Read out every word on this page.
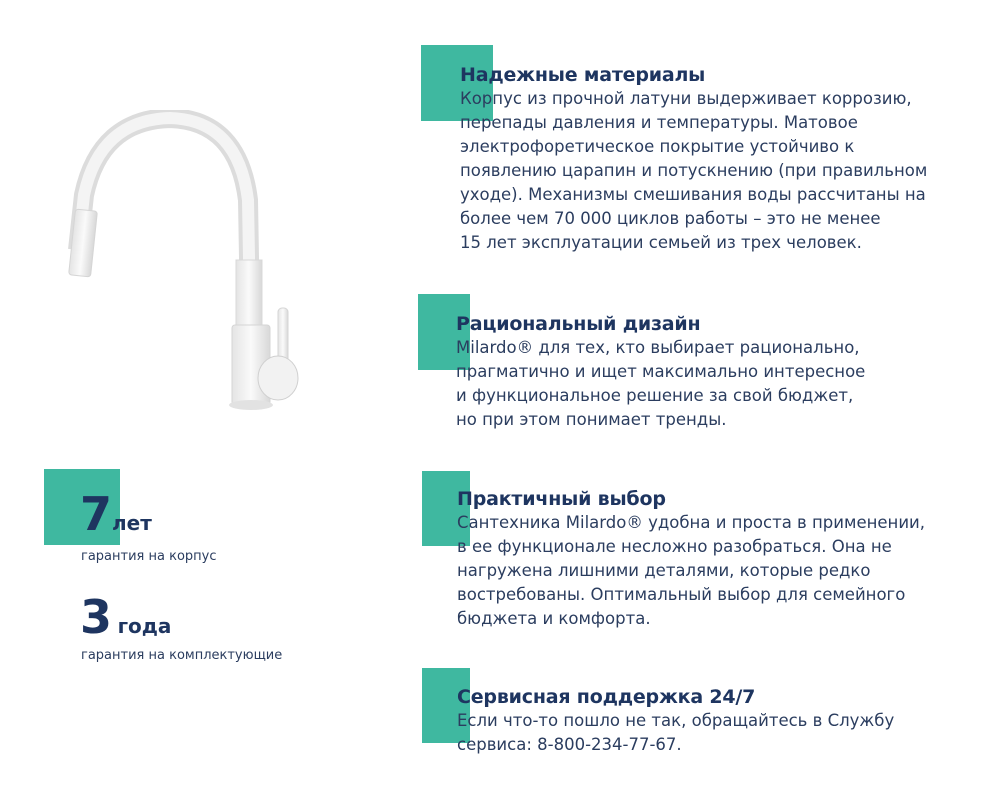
Надежные материалы

Корпус из прочной латуни выдерживает коррозию,
перепады давления и температуры. Матовое
электрофоретическое покрытие устойчиво к
появлению царапин и потускнению (при правильном
уходе). Механизмы смешивания воды рассчитаны на
более чем 70 000 циклов работы – это не менее
15 лет эксплуатации семьей из трех человек.

Рациональный дизайн

Milardo® для тех, кто выбирает рационально,
прагматично и ищет максимально интересное
и функциональное решение за свой бюджет,
но при этом понимает тренды.

Практичный выбор

Сантехника Milardo® удобна и проста в применении,
в ее функционале несложно разобраться. Она не
нагружена лишними деталями, которые редко
востребованы. Оптимальный выбор для семейного
бюджета и комфорта.

Сервисная поддержка 24/7

Если что-то пошло не так, обращайтесь в Службу
сервиса: 8-800-234-77-67.

7лет
гарантия на корпус
3 года
гарантия на комплектующие
